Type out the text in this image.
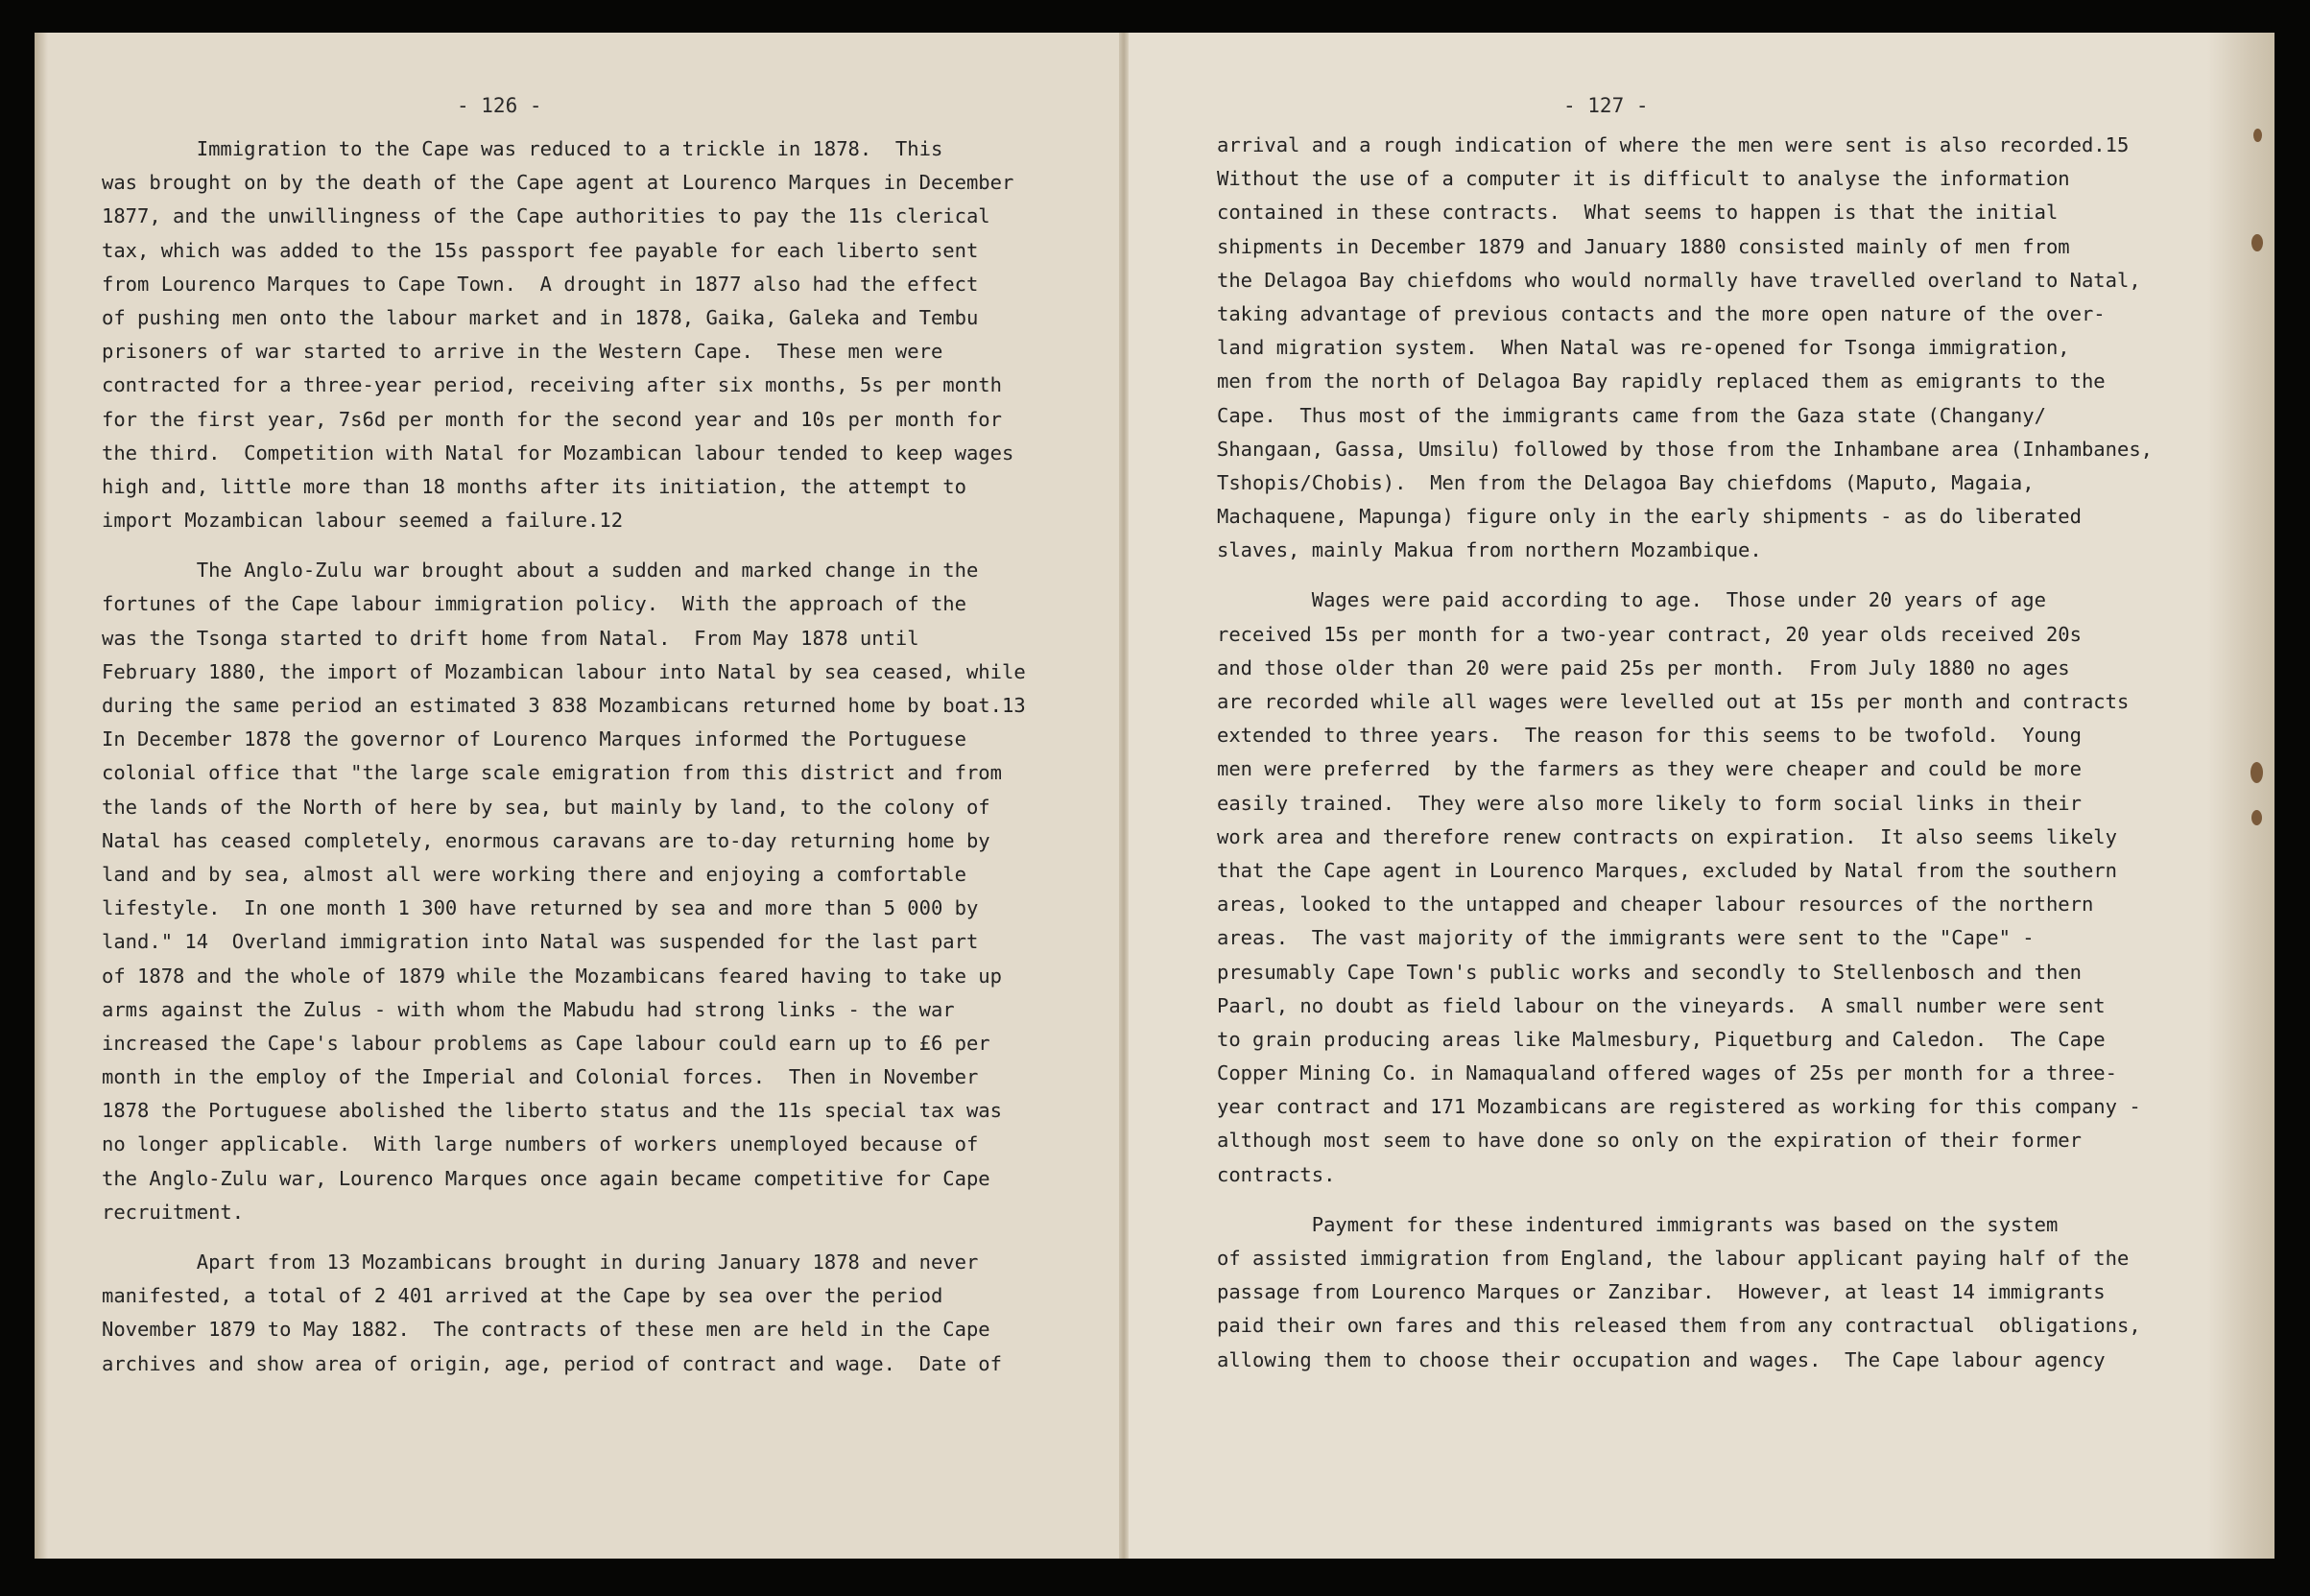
- 126 -

Immigration to the Cape was reduced to a trickle in 1878.  This
was brought on by the death of the Cape agent at Lourenco Marques in December
1877, and the unwillingness of the Cape authorities to pay the 11s clerical
tax, which was added to the 15s passport fee payable for each liberto sent
from Lourenco Marques to Cape Town.  A drought in 1877 also had the effect
of pushing men onto the labour market and in 1878, Gaika, Galeka and Tembu
prisoners of war started to arrive in the Western Cape.  These men were
contracted for a three-year period, receiving after six months, 5s per month
for the first year, 7s6d per month for the second year and 10s per month for
the third.  Competition with Natal for Mozambican labour tended to keep wages
high and, little more than 18 months after its initiation, the attempt to
import Mozambican labour seemed a failure.12

The Anglo-Zulu war brought about a sudden and marked change in the
fortunes of the Cape labour immigration policy.  With the approach of the
was the Tsonga started to drift home from Natal.  From May 1878 until
February 1880, the import of Mozambican labour into Natal by sea ceased, while
during the same period an estimated 3 838 Mozambicans returned home by boat.13
In December 1878 the governor of Lourenco Marques informed the Portuguese
colonial office that "the large scale emigration from this district and from
the lands of the North of here by sea, but mainly by land, to the colony of
Natal has ceased completely, enormous caravans are to-day returning home by
land and by sea, almost all were working there and enjoying a comfortable
lifestyle.  In one month 1 300 have returned by sea and more than 5 000 by
land." 14  Overland immigration into Natal was suspended for the last part
of 1878 and the whole of 1879 while the Mozambicans feared having to take up
arms against the Zulus - with whom the Mabudu had strong links - the war
increased the Cape's labour problems as Cape labour could earn up to £6 per
month in the employ of the Imperial and Colonial forces.  Then in November
1878 the Portuguese abolished the liberto status and the 11s special tax was
no longer applicable.  With large numbers of workers unemployed because of
the Anglo-Zulu war, Lourenco Marques once again became competitive for Cape
recruitment.

Apart from 13 Mozambicans brought in during January 1878 and never
manifested, a total of 2 401 arrived at the Cape by sea over the period
November 1879 to May 1882.  The contracts of these men are held in the Cape
archives and show area of origin, age, period of contract and wage.  Date of

- 127 -

arrival and a rough indication of where the men were sent is also recorded.15
Without the use of a computer it is difficult to analyse the information
contained in these contracts.  What seems to happen is that the initial
shipments in December 1879 and January 1880 consisted mainly of men from
the Delagoa Bay chiefdoms who would normally have travelled overland to Natal,
taking advantage of previous contacts and the more open nature of the over-
land migration system.  When Natal was re-opened for Tsonga immigration,
men from the north of Delagoa Bay rapidly replaced them as emigrants to the
Cape.  Thus most of the immigrants came from the Gaza state (Changany/
Shangaan, Gassa, Umsilu) followed by those from the Inhambane area (Inhambanes,
Tshopis/Chobis).  Men from the Delagoa Bay chiefdoms (Maputo, Magaia,
Machaquene, Mapunga) figure only in the early shipments - as do liberated
slaves, mainly Makua from northern Mozambique.

Wages were paid according to age.  Those under 20 years of age
received 15s per month for a two-year contract, 20 year olds received 20s
and those older than 20 were paid 25s per month.  From July 1880 no ages
are recorded while all wages were levelled out at 15s per month and contracts
extended to three years.  The reason for this seems to be twofold.  Young
men were preferred  by the farmers as they were cheaper and could be more
easily trained.  They were also more likely to form social links in their
work area and therefore renew contracts on expiration.  It also seems likely
that the Cape agent in Lourenco Marques, excluded by Natal from the southern
areas, looked to the untapped and cheaper labour resources of the northern
areas.  The vast majority of the immigrants were sent to the "Cape" -
presumably Cape Town's public works and secondly to Stellenbosch and then
Paarl, no doubt as field labour on the vineyards.  A small number were sent
to grain producing areas like Malmesbury, Piquetburg and Caledon.  The Cape
Copper Mining Co. in Namaqualand offered wages of 25s per month for a three-
year contract and 171 Mozambicans are registered as working for this company -
although most seem to have done so only on the expiration of their former
contracts.

Payment for these indentured immigrants was based on the system
of assisted immigration from England, the labour applicant paying half of the
passage from Lourenco Marques or Zanzibar.  However, at least 14 immigrants
paid their own fares and this released them from any contractual  obligations,
allowing them to choose their occupation and wages.  The Cape labour agency
